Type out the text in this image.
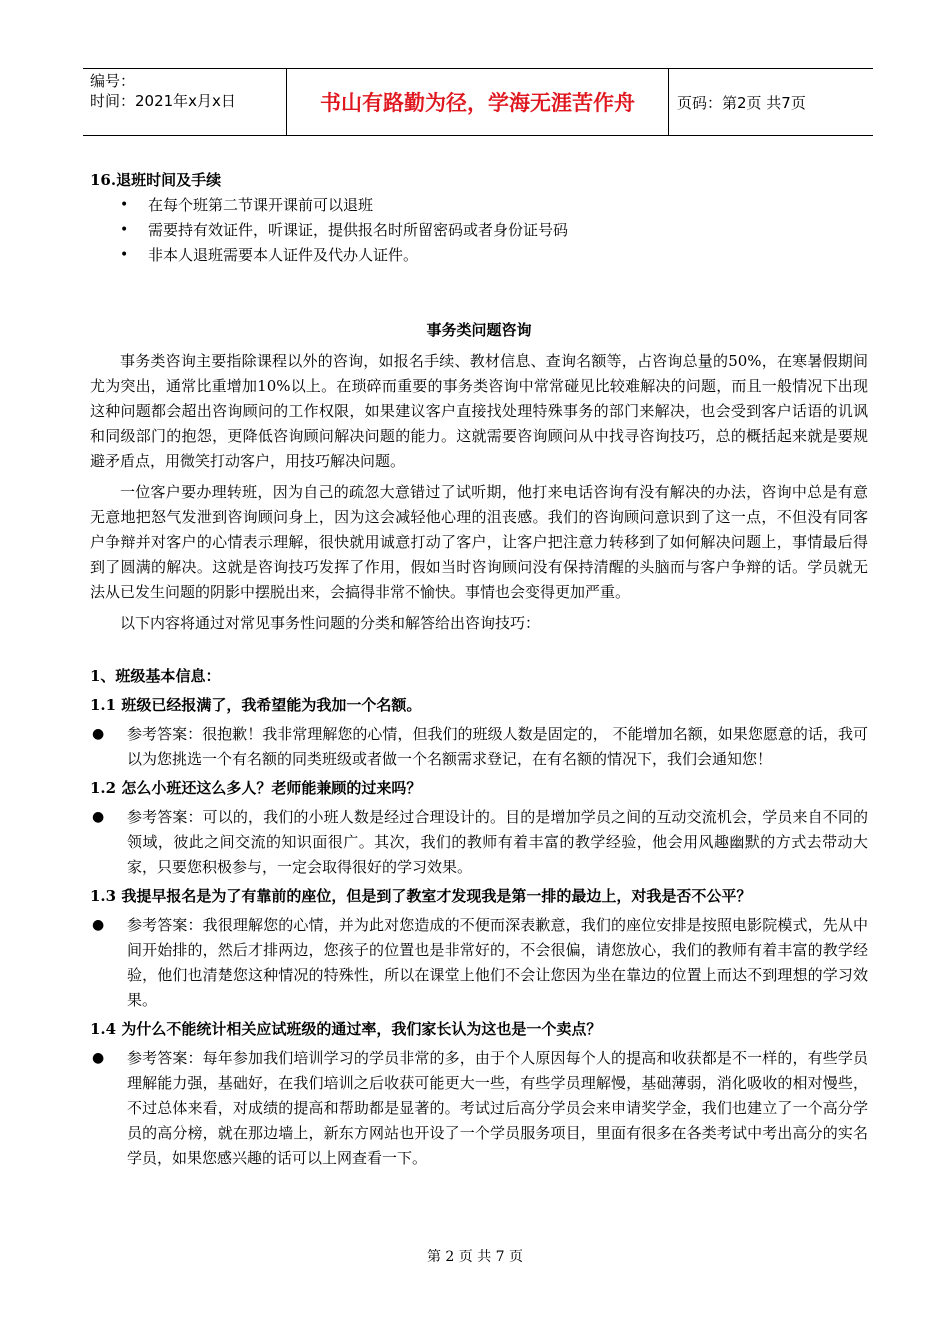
编号：
时间：2021年x月x日	书山有路勤为径，学海无涯苦作舟	页码：第2页 共7页
16.退班时间及手续
• 在每个班第二节课开课前可以退班
• 需要持有效证件，听课证，提供报名时所留密码或者身份证号码
• 非本人退班需要本人证件及代办人证件。
事务类问题咨询

事务类咨询主要指除课程以外的咨询，如报名手续、教材信息、查询名额等，占咨询总量的50%，在寒暑假期间尤为突出，通常比重增加10%以上。在琐碎而重要的事务类咨询中常常碰见比较难解决的问题，而且一般情况下出现这种问题都会超出咨询顾问的工作权限，如果建议客户直接找处理特殊事务的部门来解决，也会受到客户话语的讥讽和同级部门的抱怨，更降低咨询顾问解决问题的能力。这就需要咨询顾问从中找寻咨询技巧，总的概括起来就是要规避矛盾点，用微笑打动客户，用技巧解决问题。

一位客户要办理转班，因为自己的疏忽大意错过了试听期，他打来电话咨询有没有解决的办法，咨询中总是有意无意地把怒气发泄到咨询顾问身上，因为这会减轻他心理的沮丧感。我们的咨询顾问意识到了这一点，不但没有同客户争辩并对客户的心情表示理解，很快就用诚意打动了客户，让客户把注意力转移到了如何解决问题上，事情最后得到了圆满的解决。这就是咨询技巧发挥了作用，假如当时咨询顾问没有保持清醒的头脑而与客户争辩的话。学员就无法从已发生问题的阴影中摆脱出来，会搞得非常不愉快。事情也会变得更加严重。

以下内容将通过对常见事务性问题的分类和解答给出咨询技巧：

1、班级基本信息：
1.1 班级已经报满了，我希望能为我加一个名额。
● 参考答案：很抱歉！我非常理解您的心情，但我们的班级人数是固定的， 不能增加名额，如果您愿意的话，我可以为您挑选一个有名额的同类班级或者做一个名额需求登记，在有名额的情况下，我们会通知您！
1.2 怎么小班还这么多人？老师能兼顾的过来吗？
● 参考答案：可以的，我们的小班人数是经过合理设计的。目的是增加学员之间的互动交流机会，学员来自不同的领域，彼此之间交流的知识面很广。其次，我们的教师有着丰富的教学经验，他会用风趣幽默的方式去带动大家，只要您积极参与，一定会取得很好的学习效果。
1.3 我提早报名是为了有靠前的座位，但是到了教室才发现我是第一排的最边上，对我是否不公平？
● 参考答案：我很理解您的心情，并为此对您造成的不便而深表歉意，我们的座位安排是按照电影院模式，先从中间开始排的，然后才排两边，您孩子的位置也是非常好的，不会很偏，请您放心，我们的教师有着丰富的教学经验，他们也清楚您这种情况的特殊性，所以在课堂上他们不会让您因为坐在靠边的位置上而达不到理想的学习效果。
1.4 为什么不能统计相关应试班级的通过率，我们家长认为这也是一个卖点？
● 参考答案：每年参加我们培训学习的学员非常的多，由于个人原因每个人的提高和收获都是不一样的，有些学员理解能力强，基础好，在我们培训之后收获可能更大一些，有些学员理解慢，基础薄弱，消化吸收的相对慢些，不过总体来看，对成绩的提高和帮助都是显著的。考试过后高分学员会来申请奖学金，我们也建立了一个高分学员的高分榜，就在那边墙上，新东方网站也开设了一个学员服务项目，里面有很多在各类考试中考出高分的实名学员，如果您感兴趣的话可以上网查看一下。
第 2 页 共 7 页
